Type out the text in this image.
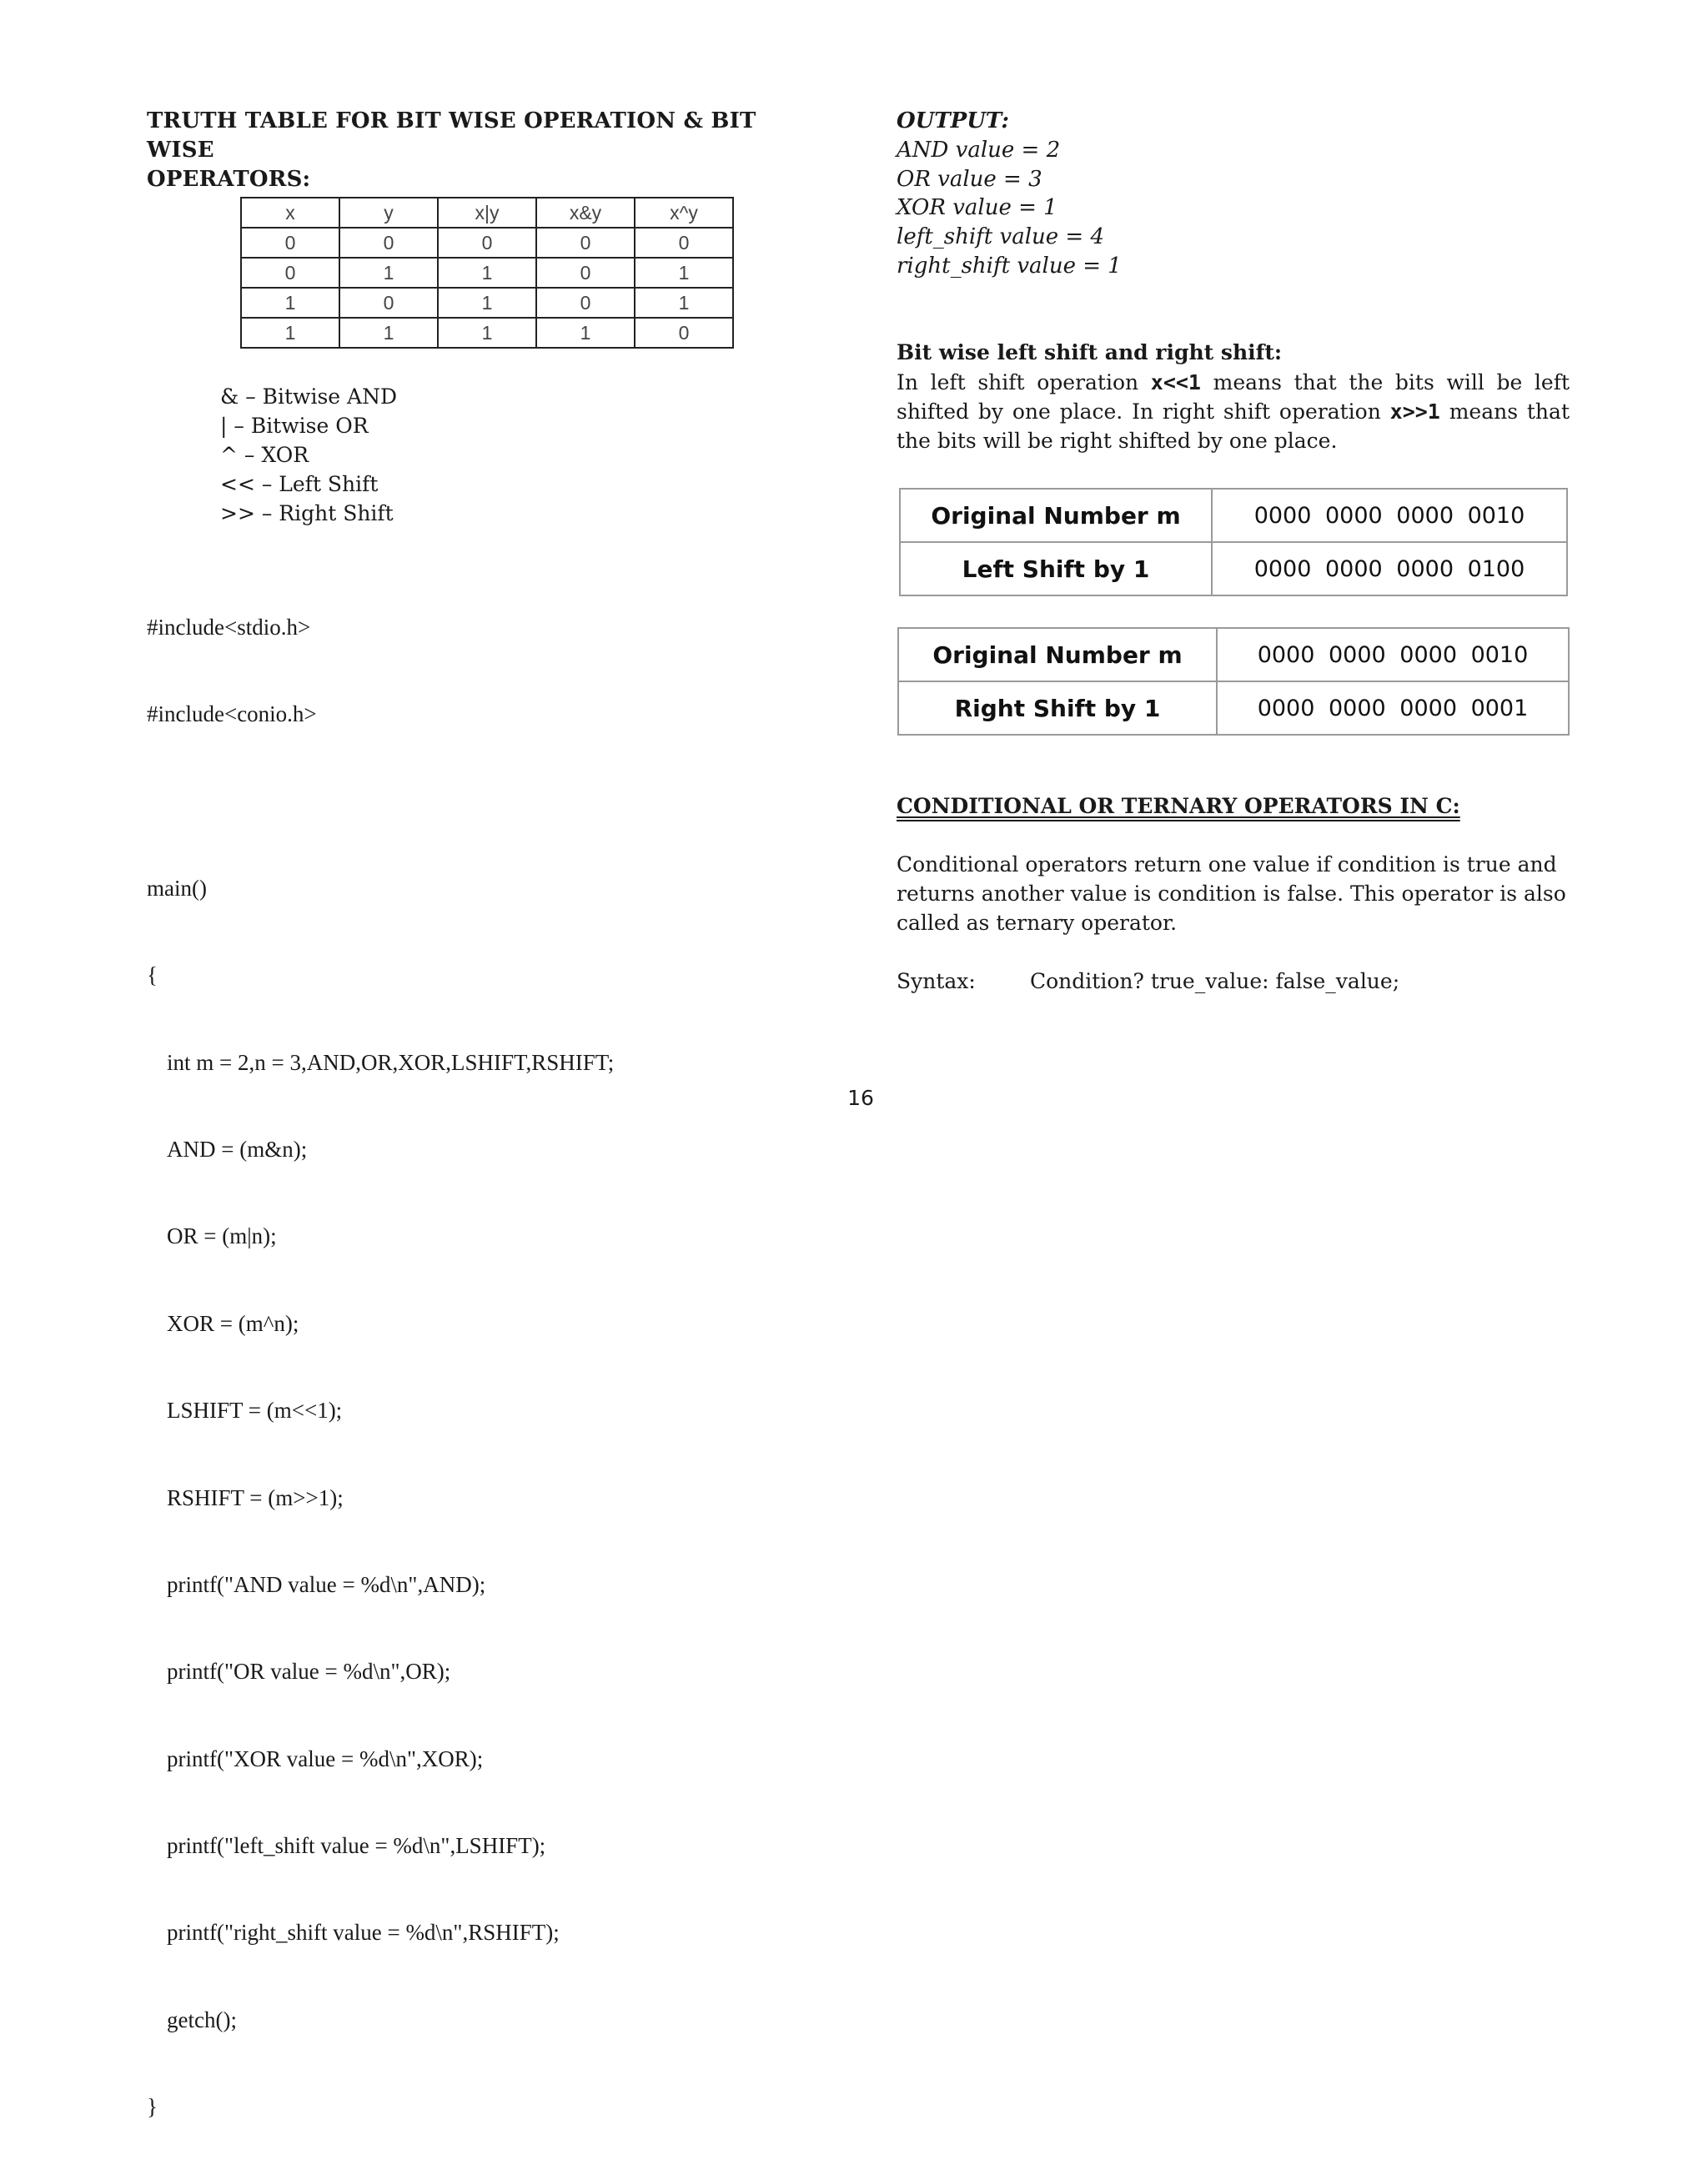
TRUTH TABLE FOR BIT WISE OPERATION & BIT WISE
OPERATORS:
x	y	x|y	x&y	x^y
0	0	0	0	0
0	1	1	0	1
1	0	1	0	1
1	1	1	1	0
& – Bitwise AND
| – Bitwise OR
^ – XOR
<< – Left Shift
>> – Right Shift

#include<stdio.h>

#include<conio.h>

main()

{

int m = 2,n = 3,AND,OR,XOR,LSHIFT,RSHIFT;

AND = (m&n);

OR = (m|n);

XOR = (m^n);

LSHIFT = (m<<1);

RSHIFT = (m>>1);

printf("AND value = %d\n",AND);

printf("OR value = %d\n",OR);

printf("XOR value = %d\n",XOR);

printf("left_shift value = %d\n",LSHIFT);

printf("right_shift value = %d\n",RSHIFT);

getch();

}

OUTPUT:
AND value = 2
OR value = 3
XOR value = 1
left_shift value = 4
right_shift value = 1
Bit wise left shift and right shift:
In left shift operation x<<1 means that the bits will be left shifted by one place. In right shift operation x>>1 means that the bits will be right shifted by one place.
Original Number m	0000 0000 0000 0010
Left Shift by 1	0000 0000 0000 0100
Original Number m	0000 0000 0000 0010
Right Shift by 1	0000 0000 0000 0001
CONDITIONAL OR TERNARY OPERATORS IN C:
Conditional operators return one value if condition is true and returns another value is condition is false. This operator is also called as ternary operator.
Syntax:	Condition? true_value: false_value;
16
